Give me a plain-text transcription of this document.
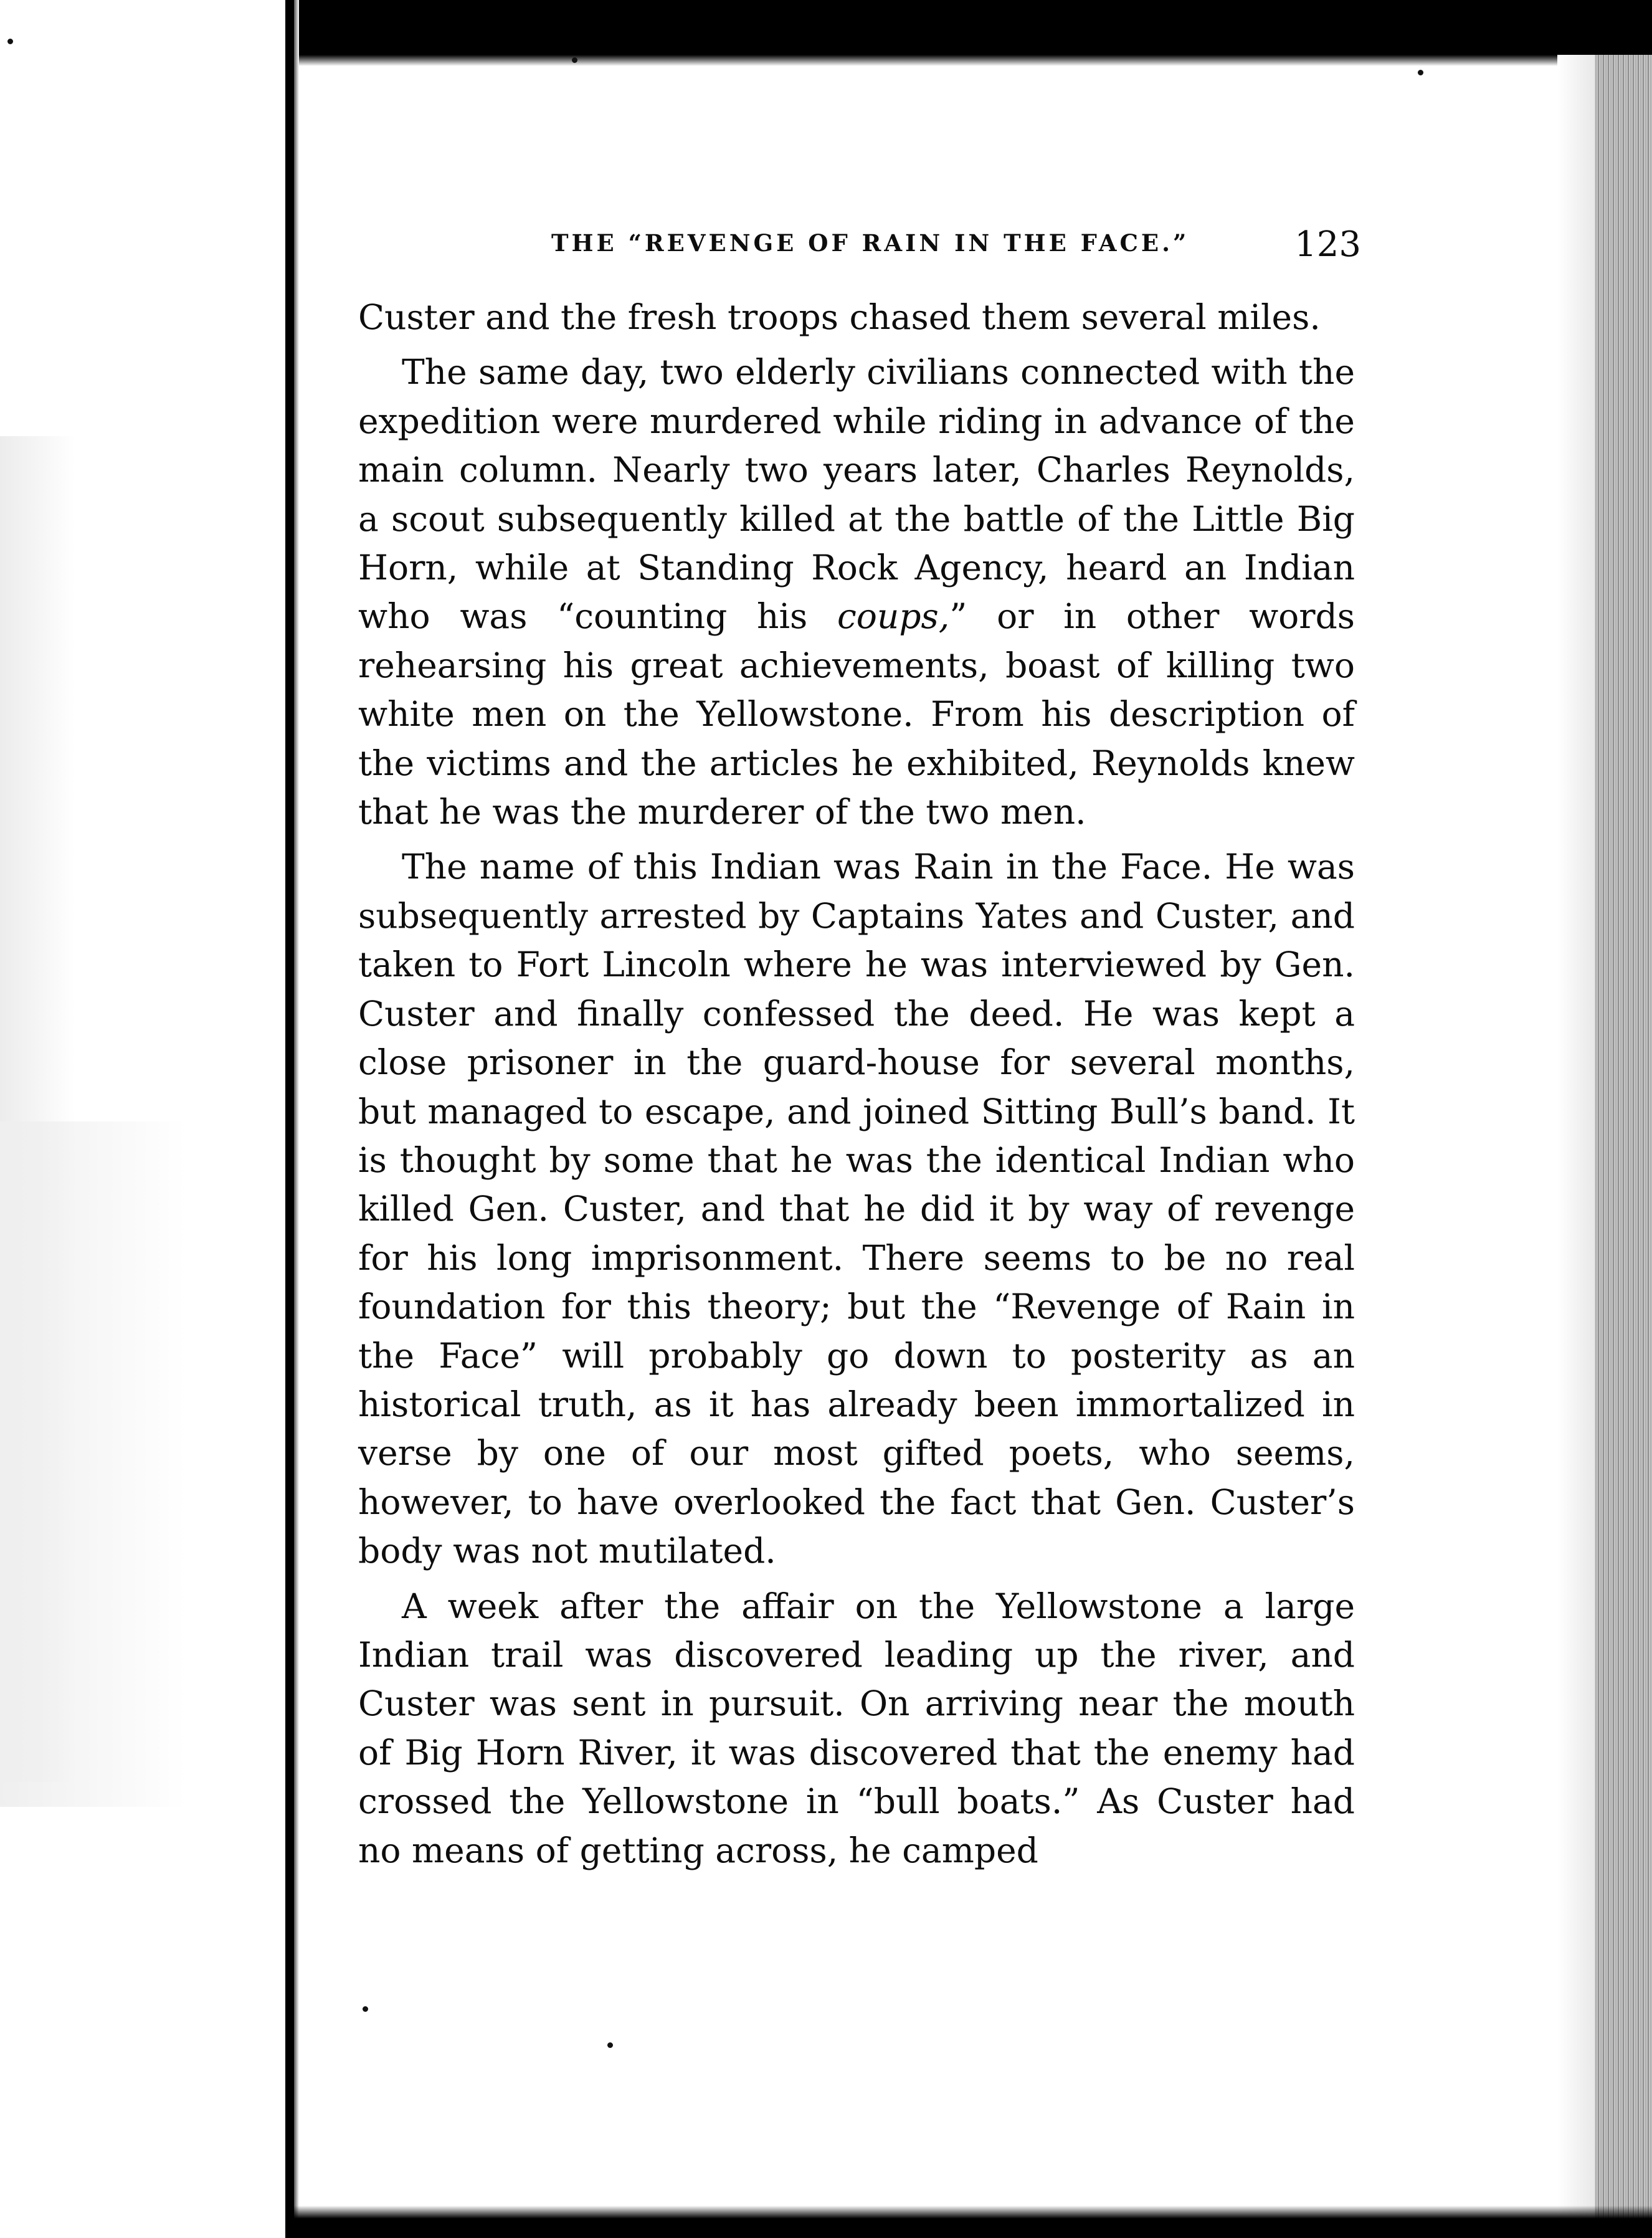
THE “REVENGE OF RAIN IN THE FACE.”	123

Custer and the fresh troops chased them several miles.

The same day, two elderly civilians connected with the expedition were murdered while riding in advance of the main column. Nearly two years later, Charles Reynolds, a scout subsequently killed at the battle of the Little Big Horn, while at Standing Rock Agency, heard an Indian who was “counting his coups,” or in other words rehearsing his great achievements, boast of killing two white men on the Yellowstone. From his description of the victims and the articles he exhibited, Reynolds knew that he was the murderer of the two men.

The name of this Indian was Rain in the Face. He was subsequently arrested by Captains Yates and Custer, and taken to Fort Lincoln where he was interviewed by Gen. Custer and finally confessed the deed. He was kept a close prisoner in the guard-house for several months, but managed to escape, and joined Sitting Bull’s band. It is thought by some that he was the identical Indian who killed Gen. Custer, and that he did it by way of revenge for his long imprisonment. There seems to be no real foundation for this theory; but the “Revenge of Rain in the Face” will probably go down to posterity as an historical truth, as it has already been immortalized in verse by one of our most gifted poets, who seems, however, to have overlooked the fact that Gen. Custer’s body was not mutilated.

A week after the affair on the Yellowstone a large Indian trail was discovered leading up the river, and Custer was sent in pursuit. On arriving near the mouth of Big Horn River, it was discovered that the enemy had crossed the Yellowstone in “bull boats.” As Custer had no means of getting across, he camped
